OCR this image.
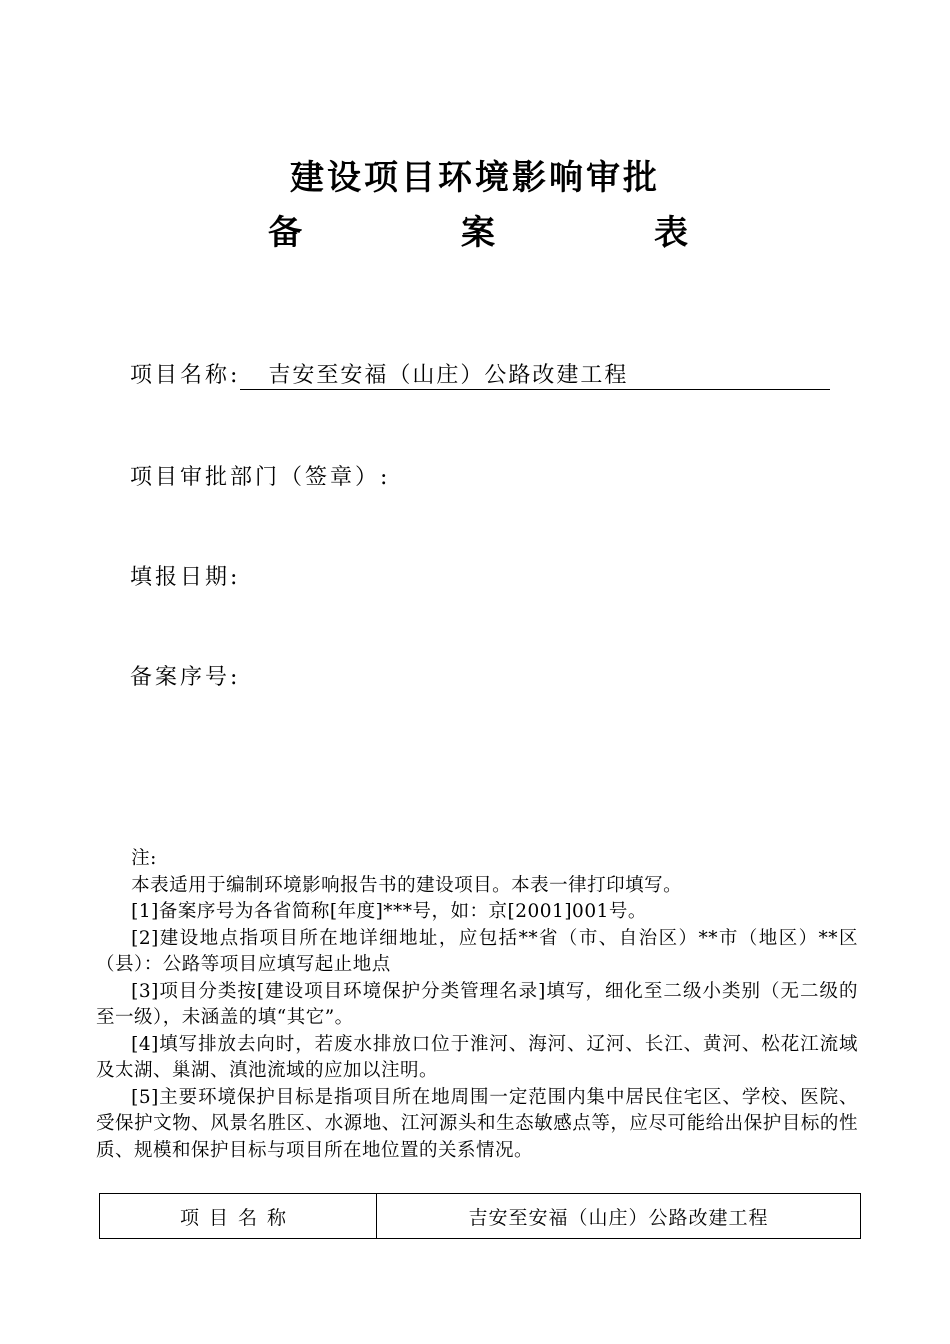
建设项目环境影响审批
备	案	表
项目名称: 吉安至安福（山庄）公路改建工程
项目审批部门（签章）:
填报日期:
备案序号:

注:

本表适用于编制环境影响报告书的建设项目。本表一律打印填写。

[1]备案序号为各省简称[年度]***号，如：京[2001]001号。

[2]建设地点指项目所在地详细地址，应包括**省（市、自治区）**市（地区）**区（县）：公路等项目应填写起止地点

[3]项目分类按[建设项目环境保护分类管理名录]填写，细化至二级小类别（无二级的至一级），未涵盖的填“其它”。

[4]填写排放去向时，若废水排放口位于淮河、海河、辽河、长江、黄河、松花江流域及太湖、巢湖、滇池流域的应加以注明。

[5]主要环境保护目标是指项目所在地周围一定范围内集中居民住宅区、学校、医院、受保护文物、风景名胜区、水源地、江河源头和生态敏感点等，应尽可能给出保护目标的性质、规模和保护目标与项目所在地位置的关系情况。

项目名称	吉安至安福（山庄）公路改建工程
